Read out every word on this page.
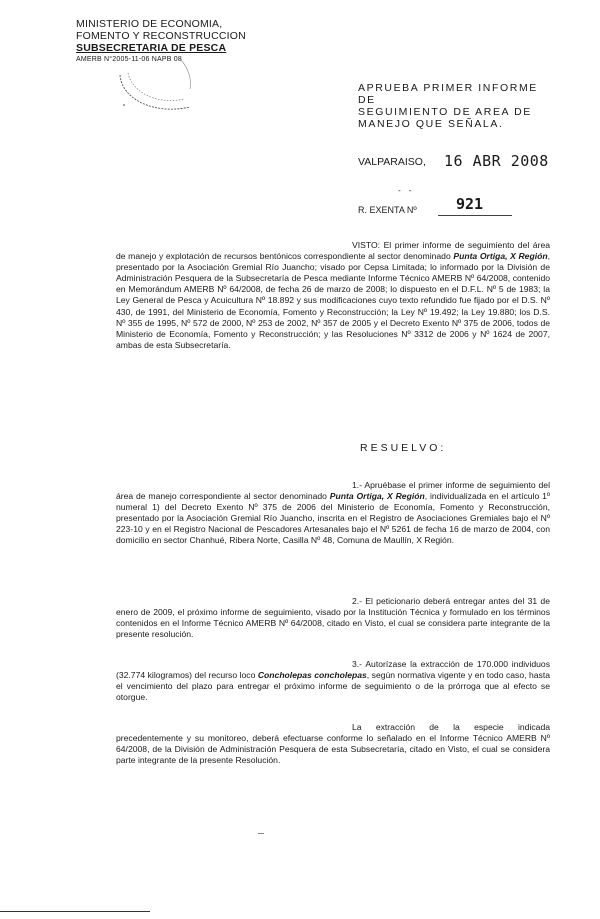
MINISTERIO DE ECONOMIA,
FOMENTO Y RECONSTRUCCION
SUBSECRETARIA DE PESCA
AMERB N°2005-11-06 NAPB 08
APRUEBA PRIMER INFORME DE
SEGUIMIENTO DE AREA DE
MANEJO QUE SEÑALA.
VALPARAISO, 16 ABR 2008
- -
R. EXENTA Nº	921

VISTO: El primer informe de seguimiento del área de manejo y explotación de recursos bentónicos correspondiente al sector denominado Punta Ortiga, X Región, presentado por la Asociación Gremial Río Juancho; visado por Cepsa Limitada; lo informado por la División de Administración Pesquera de la Subsecretaría de Pesca mediante Informe Técnico AMERB Nº 64/2008, contenido en Memorándum AMERB Nº 64/2008, de fecha 26 de marzo de 2008; lo dispuesto en el D.F.L. Nº 5 de 1983; la Ley General de Pesca y Acuicultura Nº 18.892 y sus modificaciones cuyo texto refundido fue fijado por el D.S. Nº 430, de 1991, del Ministerio de Economía, Fomento y Reconstrucción; la Ley Nº 19.492; la Ley 19.880; los D.S. Nº 355 de 1995, Nº 572 de 2000, Nº 253 de 2002, Nº 357 de 2005 y el Decreto Exento Nº 375 de 2006, todos de Ministerio de Economía, Fomento y Reconstrucción; y las Resoluciones Nº 3312 de 2006 y Nº 1624 de 2007, ambas de esta Subsecretaría.

RESUELVO:

1.- Apruébase el primer informe de seguimiento del área de manejo correspondiente al sector denominado Punta Ortiga, X Región, individualizada en el artículo 1º numeral 1) del Decreto Exento Nº 375 de 2006 del Ministerio de Economía, Fomento y Reconstrucción, presentado por la Asociación Gremial Río Juancho, inscrita en el Registro de Asociaciones Gremiales bajo el Nº 223-10 y en el Registro Nacional de Pescadores Artesanales bajo el Nº 5261 de fecha 16 de marzo de 2004, con domicilio en sector Chanhué, Ribera Norte, Casilla Nº 48, Comuna de Maullín, X Región.

2.- El peticionario deberá entregar antes del 31 de enero de 2009, el próximo informe de seguimiento, visado por la Institución Técnica y formulado en los términos contenidos en el Informe Técnico AMERB Nº 64/2008, citado en Visto, el cual se considera parte integrante de la presente resolución.

3.- Autorízase la extracción de 170.000 individuos (32.774 kilogramos) del recurso loco Concholepas concholepas, según normativa vigente y en todo caso, hasta el vencimiento del plazo para entregar el próximo informe de seguimiento o de la prórroga que al efecto se otorgue.

La extracción de la especie indicada precedentemente y su monitoreo, deberá efectuarse conforme lo señalado en el Informe Técnico AMERB Nº 64/2008, de la División de Administración Pesquera de esta Subsecretaría, citado en Visto, el cual se considera parte integrante de la presente Resolución.
